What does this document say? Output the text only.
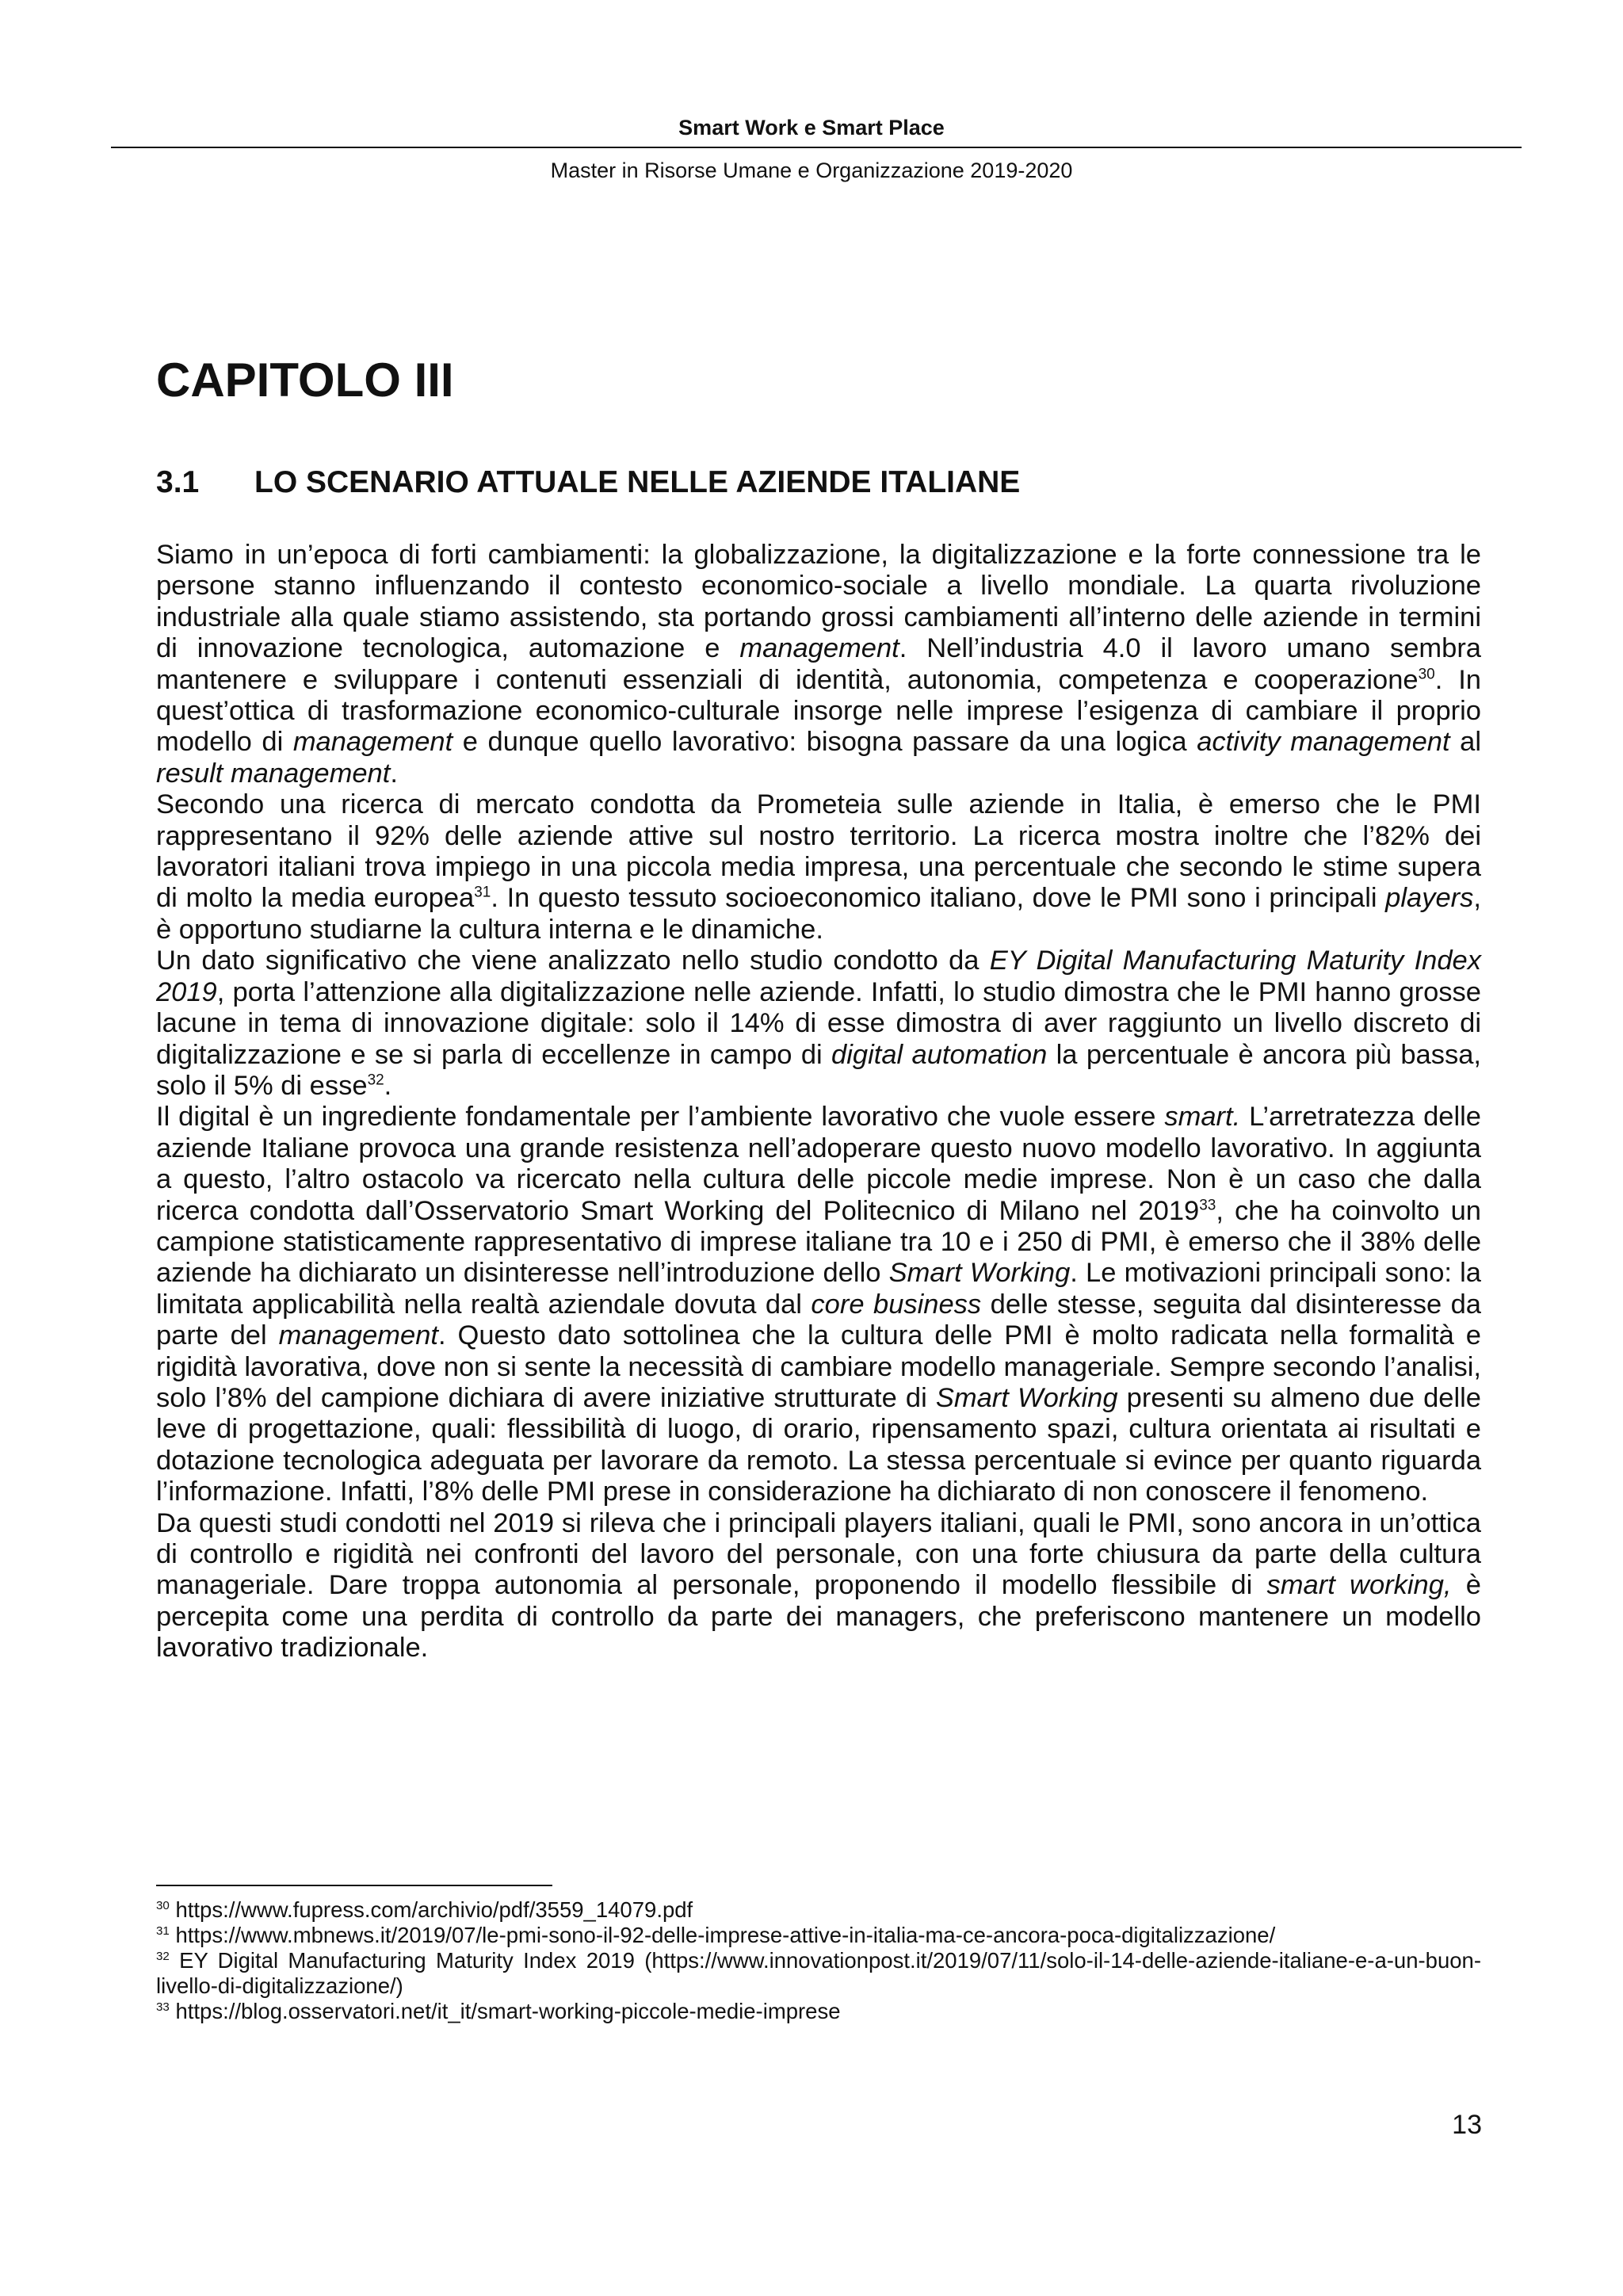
Smart Work e Smart Place
Master in Risorse Umane e Organizzazione 2019-2020
CAPITOLO III
3.1 LO SCENARIO ATTUALE NELLE AZIENDE ITALIANE

Siamo in un’epoca di forti cambiamenti: la globalizzazione, la digitalizzazione e la forte connessione tra le persone stanno influenzando il contesto economico-sociale a livello mondiale. La quarta rivoluzione industriale alla quale stiamo assistendo, sta portando grossi cambiamenti all’interno delle aziende in termini di innovazione tecnologica, automazione e management. Nell’industria 4.0 il lavoro umano sembra mantenere e sviluppare i contenuti essenziali di identità, autonomia, competenza e cooperazione$^{30}$. In quest’ottica di trasformazione economico-culturale insorge nelle imprese l’esigenza di cambiare il proprio modello di management e dunque quello lavorativo: bisogna passare da una logica activity management al result management.

Secondo una ricerca di mercato condotta da Prometeia sulle aziende in Italia, è emerso che le PMI rappresentano il 92% delle aziende attive sul nostro territorio. La ricerca mostra inoltre che l’82% dei lavoratori italiani trova impiego in una piccola media impresa, una percentuale che secondo le stime supera di molto la media europea$^{31}$. In questo tessuto socioeconomico italiano, dove le PMI sono i principali players, è opportuno studiarne la cultura interna e le dinamiche.

Un dato significativo che viene analizzato nello studio condotto da EY Digital Manufacturing Maturity Index 2019, porta l’attenzione alla digitalizzazione nelle aziende. Infatti, lo studio dimostra che le PMI hanno grosse lacune in tema di innovazione digitale: solo il 14% di esse dimostra di aver raggiunto un livello discreto di digitalizzazione e se si parla di eccellenze in campo di digital automation la percentuale è ancora più bassa, solo il 5% di esse$^{32}$.

Il digital è un ingrediente fondamentale per l’ambiente lavorativo che vuole essere smart. L’arretratezza delle aziende Italiane provoca una grande resistenza nell’adoperare questo nuovo modello lavorativo. In aggiunta a questo, l’altro ostacolo va ricercato nella cultura delle piccole medie imprese. Non è un caso che dalla ricerca condotta dall’Osservatorio Smart Working del Politecnico di Milano nel 2019$^{33}$, che ha coinvolto un campione statisticamente rappresentativo di imprese italiane tra 10 e i 250 di PMI, è emerso che il 38% delle aziende ha dichiarato un disinteresse nell’introduzione dello Smart Working. Le motivazioni principali sono: la limitata applicabilità nella realtà aziendale dovuta dal core business delle stesse, seguita dal disinteresse da parte del management. Questo dato sottolinea che la cultura delle PMI è molto radicata nella formalità e rigidità lavorativa, dove non si sente la necessità di cambiare modello manageriale. Sempre secondo l’analisi, solo l’8% del campione dichiara di avere iniziative strutturate di Smart Working presenti su almeno due delle leve di progettazione, quali: flessibilità di luogo, di orario, ripensamento spazi, cultura orientata ai risultati e dotazione tecnologica adeguata per lavorare da remoto. La stessa percentuale si evince per quanto riguarda l’informazione. Infatti, l’8% delle PMI prese in considerazione ha dichiarato di non conoscere il fenomeno.

Da questi studi condotti nel 2019 si rileva che i principali players italiani, quali le PMI, sono ancora in un’ottica di controllo e rigidità nei confronti del lavoro del personale, con una forte chiusura da parte della cultura manageriale. Dare troppa autonomia al personale, proponendo il modello flessibile di smart working, è percepita come una perdita di controllo da parte dei managers, che preferiscono mantenere un modello lavorativo tradizionale.

$^{30}$ https://www.fupress.com/archivio/pdf/3559_14079.pdf

$^{31}$ https://www.mbnews.it/2019/07/le-pmi-sono-il-92-delle-imprese-attive-in-italia-ma-ce-ancora-poca-digitalizzazione/

$^{32}$ EY Digital Manufacturing Maturity Index 2019 (https://www.innovationpost.it/2019/07/11/solo-il-14-delle-aziende-italiane-e-a-un-buon-livello-di-digitalizzazione/)

$^{33}$ https://blog.osservatori.net/it_it/smart-working-piccole-medie-imprese

13
